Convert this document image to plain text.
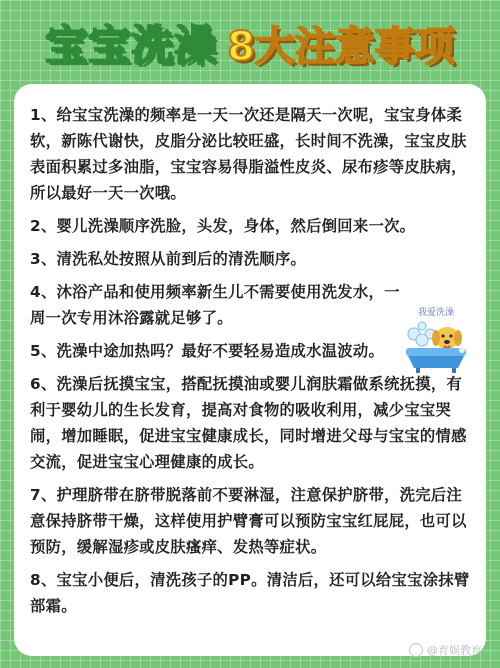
宝宝洗澡 8大注意事项

1、给宝宝洗澡的频率是一天一次还是隔天一次呢，宝宝身体柔软，新陈代谢快，皮脂分泌比较旺盛，长时间不洗澡，宝宝皮肤表面积累过多油脂，宝宝容易得脂溢性皮炎、尿布疹等皮肤病，所以最好一天一次哦。

2、婴儿洗澡顺序洗脸，头发，身体，然后倒回来一次。

3、清洗私处按照从前到后的清洗顺序。

4、沐浴产品和使用频率新生儿不需要使用洗发水，一周一次专用沐浴露就足够了。

5、洗澡中途加热吗？最好不要轻易造成水温波动。

6、洗澡后抚摸宝宝，搭配抚摸油或婴儿润肤霜做系统抚摸，有利于婴幼儿的生长发育，提高对食物的吸收利用，减少宝宝哭闹，增加睡眠，促进宝宝健康成长，同时增进父母与宝宝的情感交流，促进宝宝心理健康的成长。

7、护理脐带在脐带脱落前不要淋湿，注意保护脐带，洗完后注意保持脐带干燥，这样使用护臂膏可以预防宝宝红屁屁，也可以预防，缓解湿疹或皮肤瘙痒、发热等症状。

8、宝宝小便后，清洗孩子的PP。清洁后，还可以给宝宝涂抹臂部霜。

我爱洗澡
@育娱教育
